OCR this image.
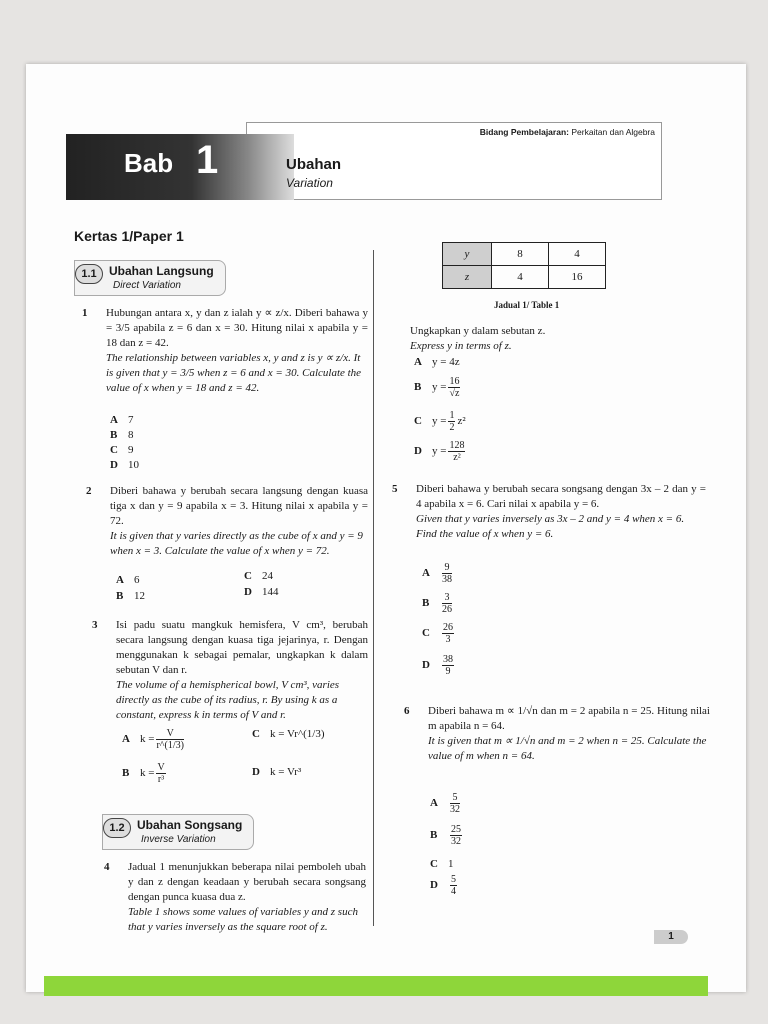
Bidang Pembelajaran: Perkaitan dan Algebra
Bab 1	Ubahan
Variation
Kertas 1/Paper 1
1.1	Ubahan Langsung
Direct Variation
1 Hubungan antara x, y dan z ialah y ∝ z/x. Diberi bahawa y = 3/5 apabila z = 6 dan x = 30. Hitung nilai x apabila y = 18 dan z = 42.
The relationship between variables x, y and z is y ∝ z/x. It is given that y = 3/5 when z = 6 and x = 30. Calculate the value of x when y = 18 and z = 42.
A 7
B 8
C 9
D 10
2 Diberi bahawa y berubah secara langsung dengan kuasa tiga x dan y = 9 apabila x = 3. Hitung nilai x apabila y = 72.
It is given that y varies directly as the cube of x and y = 9 when x = 3. Calculate the value of x when y = 72.
A 6	C 24
B 12	D 144
3 Isi padu suatu mangkuk hemisfera, V cm³, berubah secara langsung dengan kuasa tiga jejarinya, r. Dengan menggunakan k sebagai pemalar, ungkapkan k dalam sebutan V dan r.
The volume of a hemispherical bowl, V cm³, varies directly as the cube of its radius, r. By using k as a constant, express k in terms of V and r.
A $k = \frac{V}{r\^{}(1/3)}$	C k = Vr^(1/3)
B $k = \frac{V}{\text{r³}}$	D k = Vr³
1.2	Ubahan Songsang
Inverse Variation
4 Jadual 1 menunjukkan beberapa nilai pemboleh ubah y dan z dengan keadaan y berubah secara songsang dengan punca kuasa dua z.
Table 1 shows some values of variables y and z such that y varies inversely as the square root of z.
y	8	4
z	4	16
Jadual 1/ Table 1
Ungkapkan y dalam sebutan z.
Express y in terms of z.
A y = 4z
B $y = \frac{16}{√z}$
C $y = \frac{1}{2} z^2$
D $y = \frac{128}{\text{z²}}$
5 Diberi bahawa y berubah secara songsang dengan 3x – 2 dan y = 4 apabila x = 6. Cari nilai x apabila y = 6.
Given that y varies inversely as 3x – 2 and y = 4 when x = 6. Find the value of x when y = 6.
A $\frac{9}{38}$
B $\frac{3}{26}$
C $\frac{26}{3}$
D $\frac{38}{9}$
6 Diberi bahawa m ∝ 1/√n dan m = 2 apabila n = 25. Hitung nilai m apabila n = 64.
It is given that m ∝ 1/√n and m = 2 when n = 25. Calculate the value of m when n = 64.
A $\frac{5}{32}$
B $\frac{25}{32}$
C 1
D $\frac{5}{4}$
1
